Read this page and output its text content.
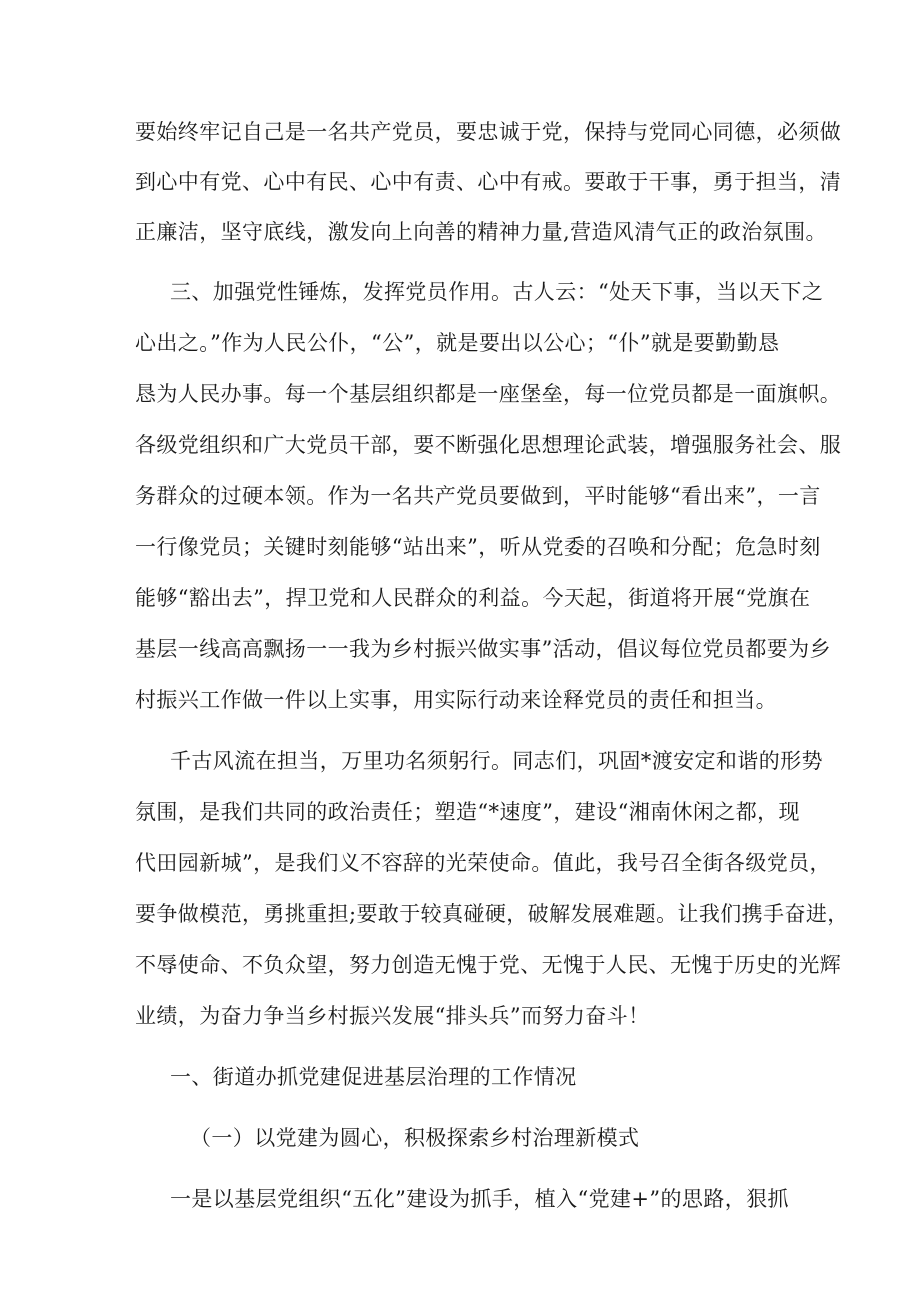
要始终牢记自己是一名共产党员，要忠诚于党，保持与党同心同德，必须做
到心中有党、心中有民、心中有责、心中有戒。要敢于干事，勇于担当，清
正廉洁，坚守底线，激发向上向善的精神力量,营造风清气正的政治氛围。
三、加强党性锤炼，发挥党员作用。古人云：“处天下事，当以天下之
心出之。”作为人民公仆，“公”，就是要出以公心；“仆”就是要勤勤恳
恳为人民办事。每一个基层组织都是一座堡垒，每一位党员都是一面旗帜。
各级党组织和广大党员干部，要不断强化思想理论武装，增强服务社会、服
务群众的过硬本领。作为一名共产党员要做到，平时能够“看出来”，一言
一行像党员；关键时刻能够“站出来”，听从党委的召唤和分配；危急时刻
能够“豁出去”，捍卫党和人民群众的利益。今天起，街道将开展“党旗在
基层一线高高飘扬一一我为乡村振兴做实事”活动，倡议每位党员都要为乡
村振兴工作做一件以上实事，用实际行动来诠释党员的责任和担当。
千古风流在担当，万里功名须躬行。同志们，巩固*渡安定和谐的形势
氛围，是我们共同的政治责任；塑造“*速度”，建设“湘南休闲之都，现
代田园新城”，是我们义不容辞的光荣使命。值此，我号召全街各级党员，
要争做模范，勇挑重担;要敢于较真碰硬，破解发展难题。让我们携手奋进，
不辱使命、不负众望，努力创造无愧于党、无愧于人民、无愧于历史的光辉
业绩，为奋力争当乡村振兴发展“排头兵”而努力奋斗！
一、街道办抓党建促进基层治理的工作情况
（一）以党建为圆心，积极探索乡村治理新模式
一是以基层党组织“五化”建设为抓手，植入“党建+”的思路，狠抓
